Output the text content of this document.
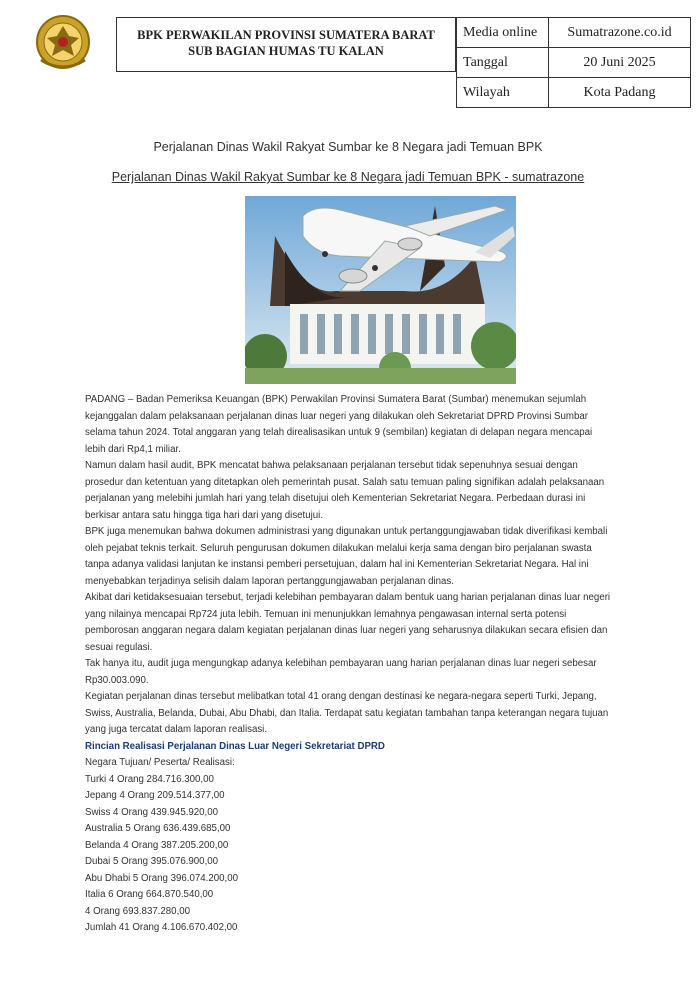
BPK PERWAKILAN PROVINSI SUMATERA BARAT
SUB BAGIAN HUMAS TU KALAN
Media online	Sumatrazone.co.id
Tanggal	20 Juni 2025
Wilayah	Kota Padang
Perjalanan Dinas Wakil Rakyat Sumbar ke 8 Negara jadi Temuan BPK
Perjalanan Dinas Wakil Rakyat Sumbar ke 8 Negara jadi Temuan BPK - sumatrazone

PADANG – Badan Pemeriksa Keuangan (BPK) Perwakilan Provinsi Sumatera Barat (Sumbar) menemukan sejumlah kejanggalan dalam pelaksanaan perjalanan dinas luar negeri yang dilakukan oleh Sekretariat DPRD Provinsi Sumbar selama tahun 2024. Total anggaran yang telah direalisasikan untuk 9 (sembilan) kegiatan di delapan negara mencapai lebih dari Rp4,1 miliar.

Namun dalam hasil audit, BPK mencatat bahwa pelaksanaan perjalanan tersebut tidak sepenuhnya sesuai dengan prosedur dan ketentuan yang ditetapkan oleh pemerintah pusat. Salah satu temuan paling signifikan adalah pelaksanaan perjalanan yang melebihi jumlah hari yang telah disetujui oleh Kementerian Sekretariat Negara. Perbedaan durasi ini berkisar antara satu hingga tiga hari dari yang disetujui.

BPK juga menemukan bahwa dokumen administrasi yang digunakan untuk pertanggungjawaban tidak diverifikasi kembali oleh pejabat teknis terkait. Seluruh pengurusan dokumen dilakukan melalui kerja sama dengan biro perjalanan swasta tanpa adanya validasi lanjutan ke instansi pemberi persetujuan, dalam hal ini Kementerian Sekretariat Negara. Hal ini menyebabkan terjadinya selisih dalam laporan pertanggungjawaban perjalanan dinas.

Akibat dari ketidaksesuaian tersebut, terjadi kelebihan pembayaran dalam bentuk uang harian perjalanan dinas luar negeri yang nilainya mencapai Rp724 juta lebih. Temuan ini menunjukkan lemahnya pengawasan internal serta potensi pemborosan anggaran negara dalam kegiatan perjalanan dinas luar negeri yang seharusnya dilakukan secara efisien dan sesuai regulasi.

Tak hanya itu, audit juga mengungkap adanya kelebihan pembayaran uang harian perjalanan dinas luar negeri sebesar Rp30.003.090.

Kegiatan perjalanan dinas tersebut melibatkan total 41 orang dengan destinasi ke negara-negara seperti Turki, Jepang, Swiss, Australia, Belanda, Dubai, Abu Dhabi, dan Italia. Terdapat satu kegiatan tambahan tanpa keterangan negara tujuan yang juga tercatat dalam laporan realisasi.

Rincian Realisasi Perjalanan Dinas Luar Negeri Sekretariat DPRD

Negara Tujuan/ Peserta/ Realisasi:

Turki 4 Orang 284.716.300,00

Jepang 4 Orang 209.514.377,00

Swiss 4 Orang 439.945.920,00

Australia 5 Orang 636.439.685,00

Belanda 4 Orang 387.205.200,00

Dubai 5 Orang 395.076.900,00

Abu Dhabi 5 Orang 396.074.200,00

Italia 6 Orang 664.870.540,00

4 Orang 693.837.280,00

Jumlah 41 Orang 4.106.670.402,00
